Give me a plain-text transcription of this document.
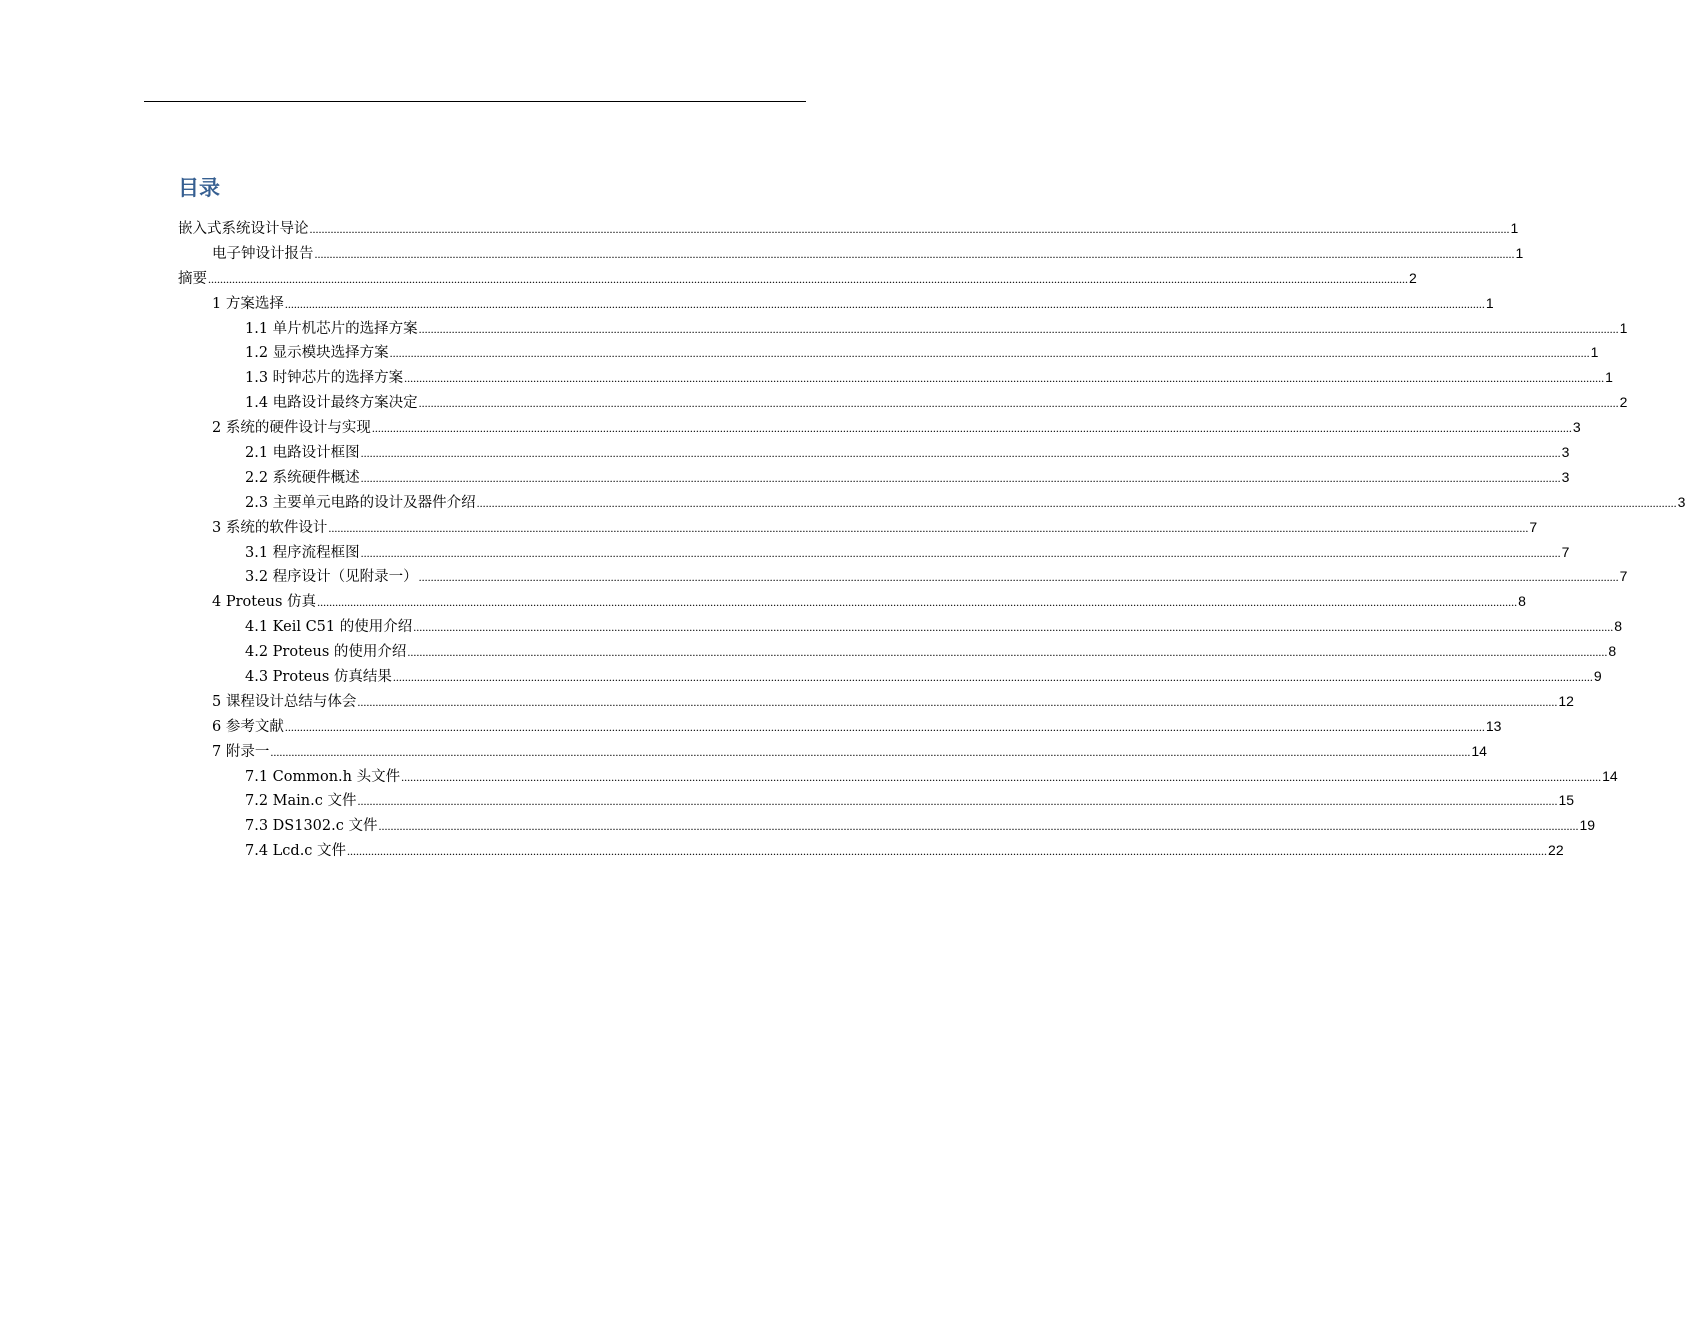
目录
嵌入式系统设计导论 ................................................................................................................................................................................................................................................................................................................................................................................................................ 1
电子钟设计报告 ................................................................................................................................................................................................................................................................................................................................................................................................................ 1
摘要 ................................................................................................................................................................................................................................................................................................................................................................................................................ 2
1 方案选择 ................................................................................................................................................................................................................................................................................................................................................................................................................ 1
1.1 单片机芯片的选择方案 ................................................................................................................................................................................................................................................................................................................................................................................................................ 1
1.2 显示模块选择方案 ................................................................................................................................................................................................................................................................................................................................................................................................................ 1
1.3 时钟芯片的选择方案 ................................................................................................................................................................................................................................................................................................................................................................................................................ 1
1.4 电路设计最终方案决定 ................................................................................................................................................................................................................................................................................................................................................................................................................ 2
2 系统的硬件设计与实现 ................................................................................................................................................................................................................................................................................................................................................................................................................ 3
2.1 电路设计框图 ................................................................................................................................................................................................................................................................................................................................................................................................................ 3
2.2 系统硬件概述 ................................................................................................................................................................................................................................................................................................................................................................................................................ 3
2.3 主要单元电路的设计及器件介绍 ................................................................................................................................................................................................................................................................................................................................................................................................................ 3
3 系统的软件设计 ................................................................................................................................................................................................................................................................................................................................................................................................................ 7
3.1 程序流程框图 ................................................................................................................................................................................................................................................................................................................................................................................................................ 7
3.2 程序设计（见附录一） ................................................................................................................................................................................................................................................................................................................................................................................................................ 7
4 Proteus 仿真 ................................................................................................................................................................................................................................................................................................................................................................................................................ 8
4.1 Keil C51 的使用介绍 ................................................................................................................................................................................................................................................................................................................................................................................................................ 8
4.2 Proteus 的使用介绍 ................................................................................................................................................................................................................................................................................................................................................................................................................ 8
4.3 Proteus 仿真结果 ................................................................................................................................................................................................................................................................................................................................................................................................................ 9
5 课程设计总结与体会 ................................................................................................................................................................................................................................................................................................................................................................................................................ 12
6 参考文献 ................................................................................................................................................................................................................................................................................................................................................................................................................ 13
7 附录一 ................................................................................................................................................................................................................................................................................................................................................................................................................ 14
7.1 Common.h 头文件 ................................................................................................................................................................................................................................................................................................................................................................................................................ 14
7.2 Main.c 文件 ................................................................................................................................................................................................................................................................................................................................................................................................................ 15
7.3 DS1302.c 文件 ................................................................................................................................................................................................................................................................................................................................................................................................................ 19
7.4 Lcd.c 文件 ................................................................................................................................................................................................................................................................................................................................................................................................................ 22
